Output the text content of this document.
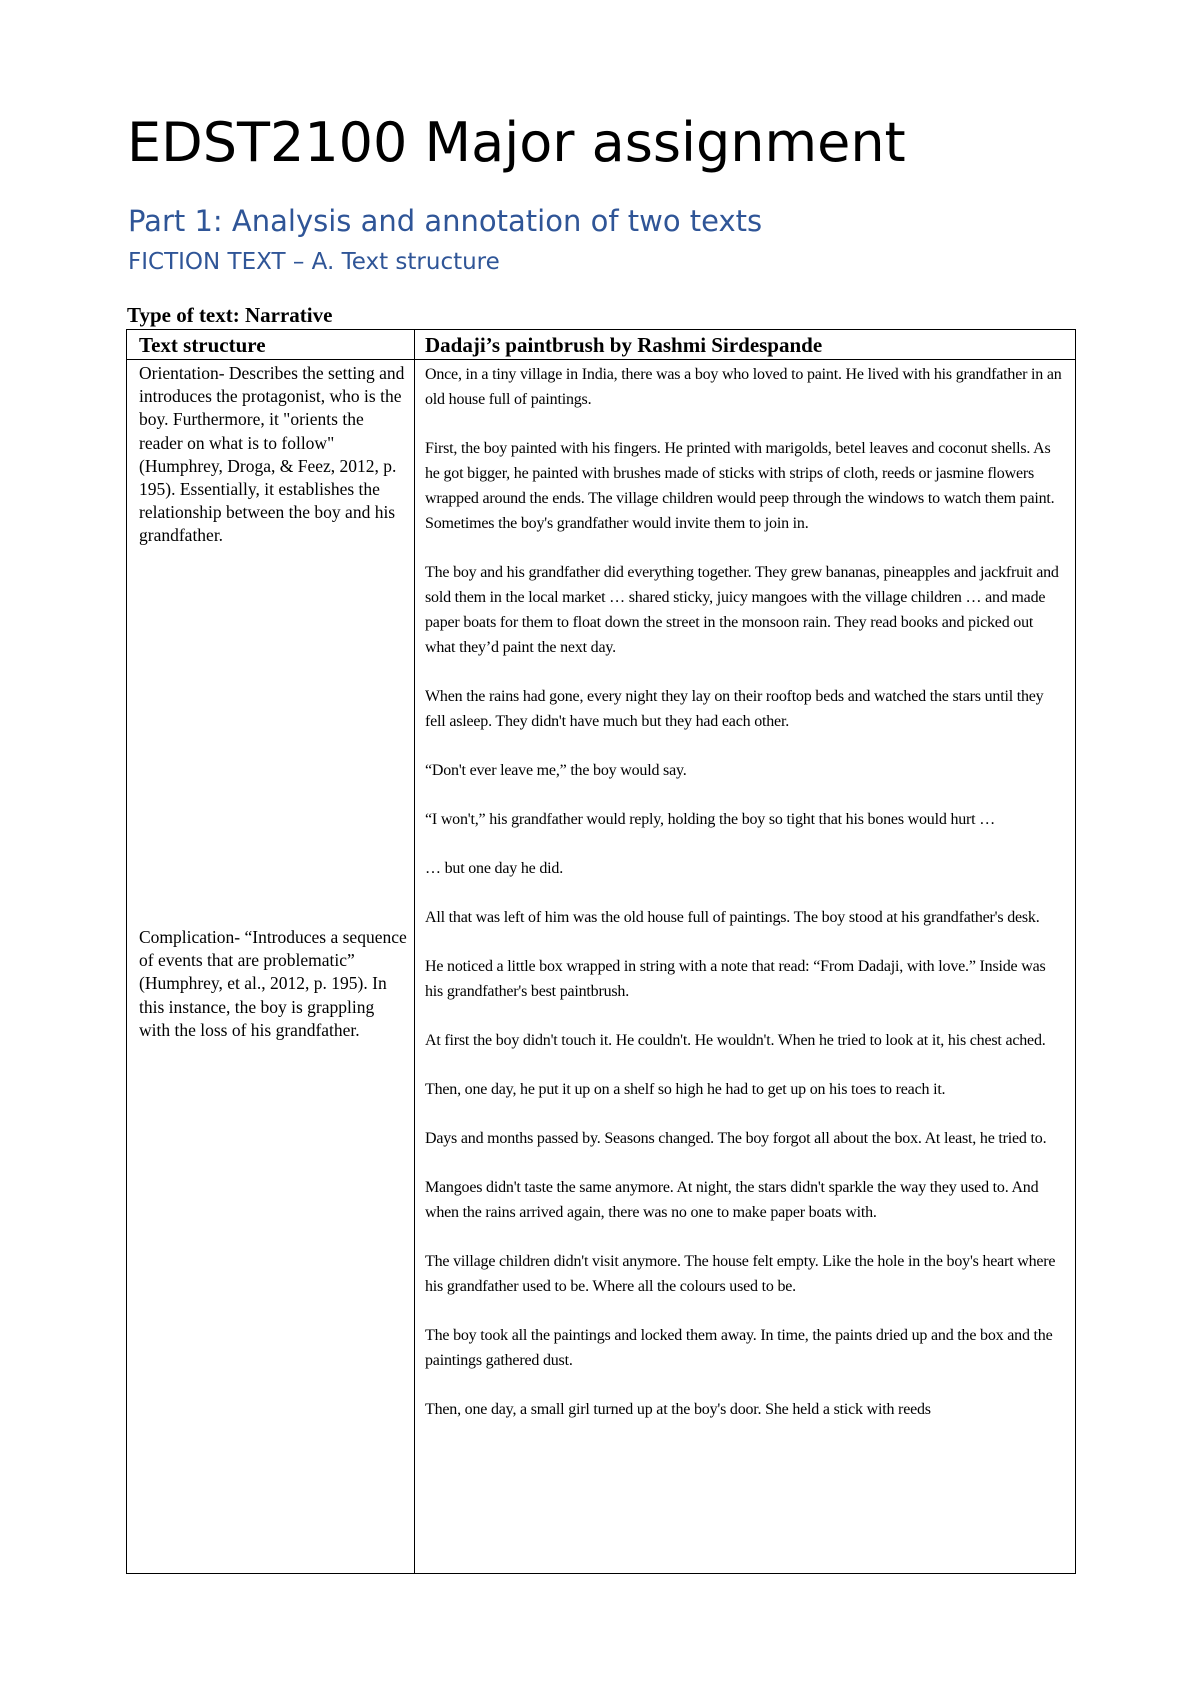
EDST2100 Major assignment
Part 1: Analysis and annotation of two texts
FICTION TEXT – A. Text structure

Type of text: Narrative

Text structure	Dadaji’s paintbrush by Rashmi Sirdespande

Orientation- Describes the setting and introduces the protagonist, who is the boy. Furthermore, it "orients the reader on what is to follow" (Humphrey, Droga, & Feez, 2012, p. 195). Essentially, it establishes the relationship between the boy and his grandfather.

Complication- “Introduces a sequence of events that are problematic” (Humphrey, et al., 2012, p. 195). In this instance, the boy is grappling with the loss of his grandfather.

Once, in a tiny village in India, there was a boy who loved to paint. He lived with his grandfather in an old house full of paintings.

First, the boy painted with his fingers. He printed with marigolds, betel leaves and coconut shells. As he got bigger, he painted with brushes made of sticks with strips of cloth, reeds or jasmine flowers wrapped around the ends. The village children would peep through the windows to watch them paint. Sometimes the boy's grandfather would invite them to join in.

The boy and his grandfather did everything together. They grew bananas, pineapples and jackfruit and sold them in the local market … shared sticky, juicy mangoes with the village children … and made paper boats for them to float down the street in the monsoon rain. They read books and picked out what they’d paint the next day.

When the rains had gone, every night they lay on their rooftop beds and watched the stars until they fell asleep. They didn't have much but they had each other.

“Don't ever leave me,” the boy would say.

“I won't,” his grandfather would reply, holding the boy so tight that his bones would hurt …

… but one day he did.

All that was left of him was the old house full of paintings. The boy stood at his grandfather's desk.

He noticed a little box wrapped in string with a note that read: “From Dadaji, with love.” Inside was his grandfather's best paintbrush.

At first the boy didn't touch it. He couldn't. He wouldn't. When he tried to look at it, his chest ached.

Then, one day, he put it up on a shelf so high he had to get up on his toes to reach it.

Days and months passed by. Seasons changed. The boy forgot all about the box. At least, he tried to.

Mangoes didn't taste the same anymore. At night, the stars didn't sparkle the way they used to. And when the rains arrived again, there was no one to make paper boats with.

The village children didn't visit anymore. The house felt empty. Like the hole in the boy's heart where his grandfather used to be. Where all the colours used to be.

The boy took all the paintings and locked them away. In time, the paints dried up and the box and the paintings gathered dust.

Then, one day, a small girl turned up at the boy's door. She held a stick with reeds
